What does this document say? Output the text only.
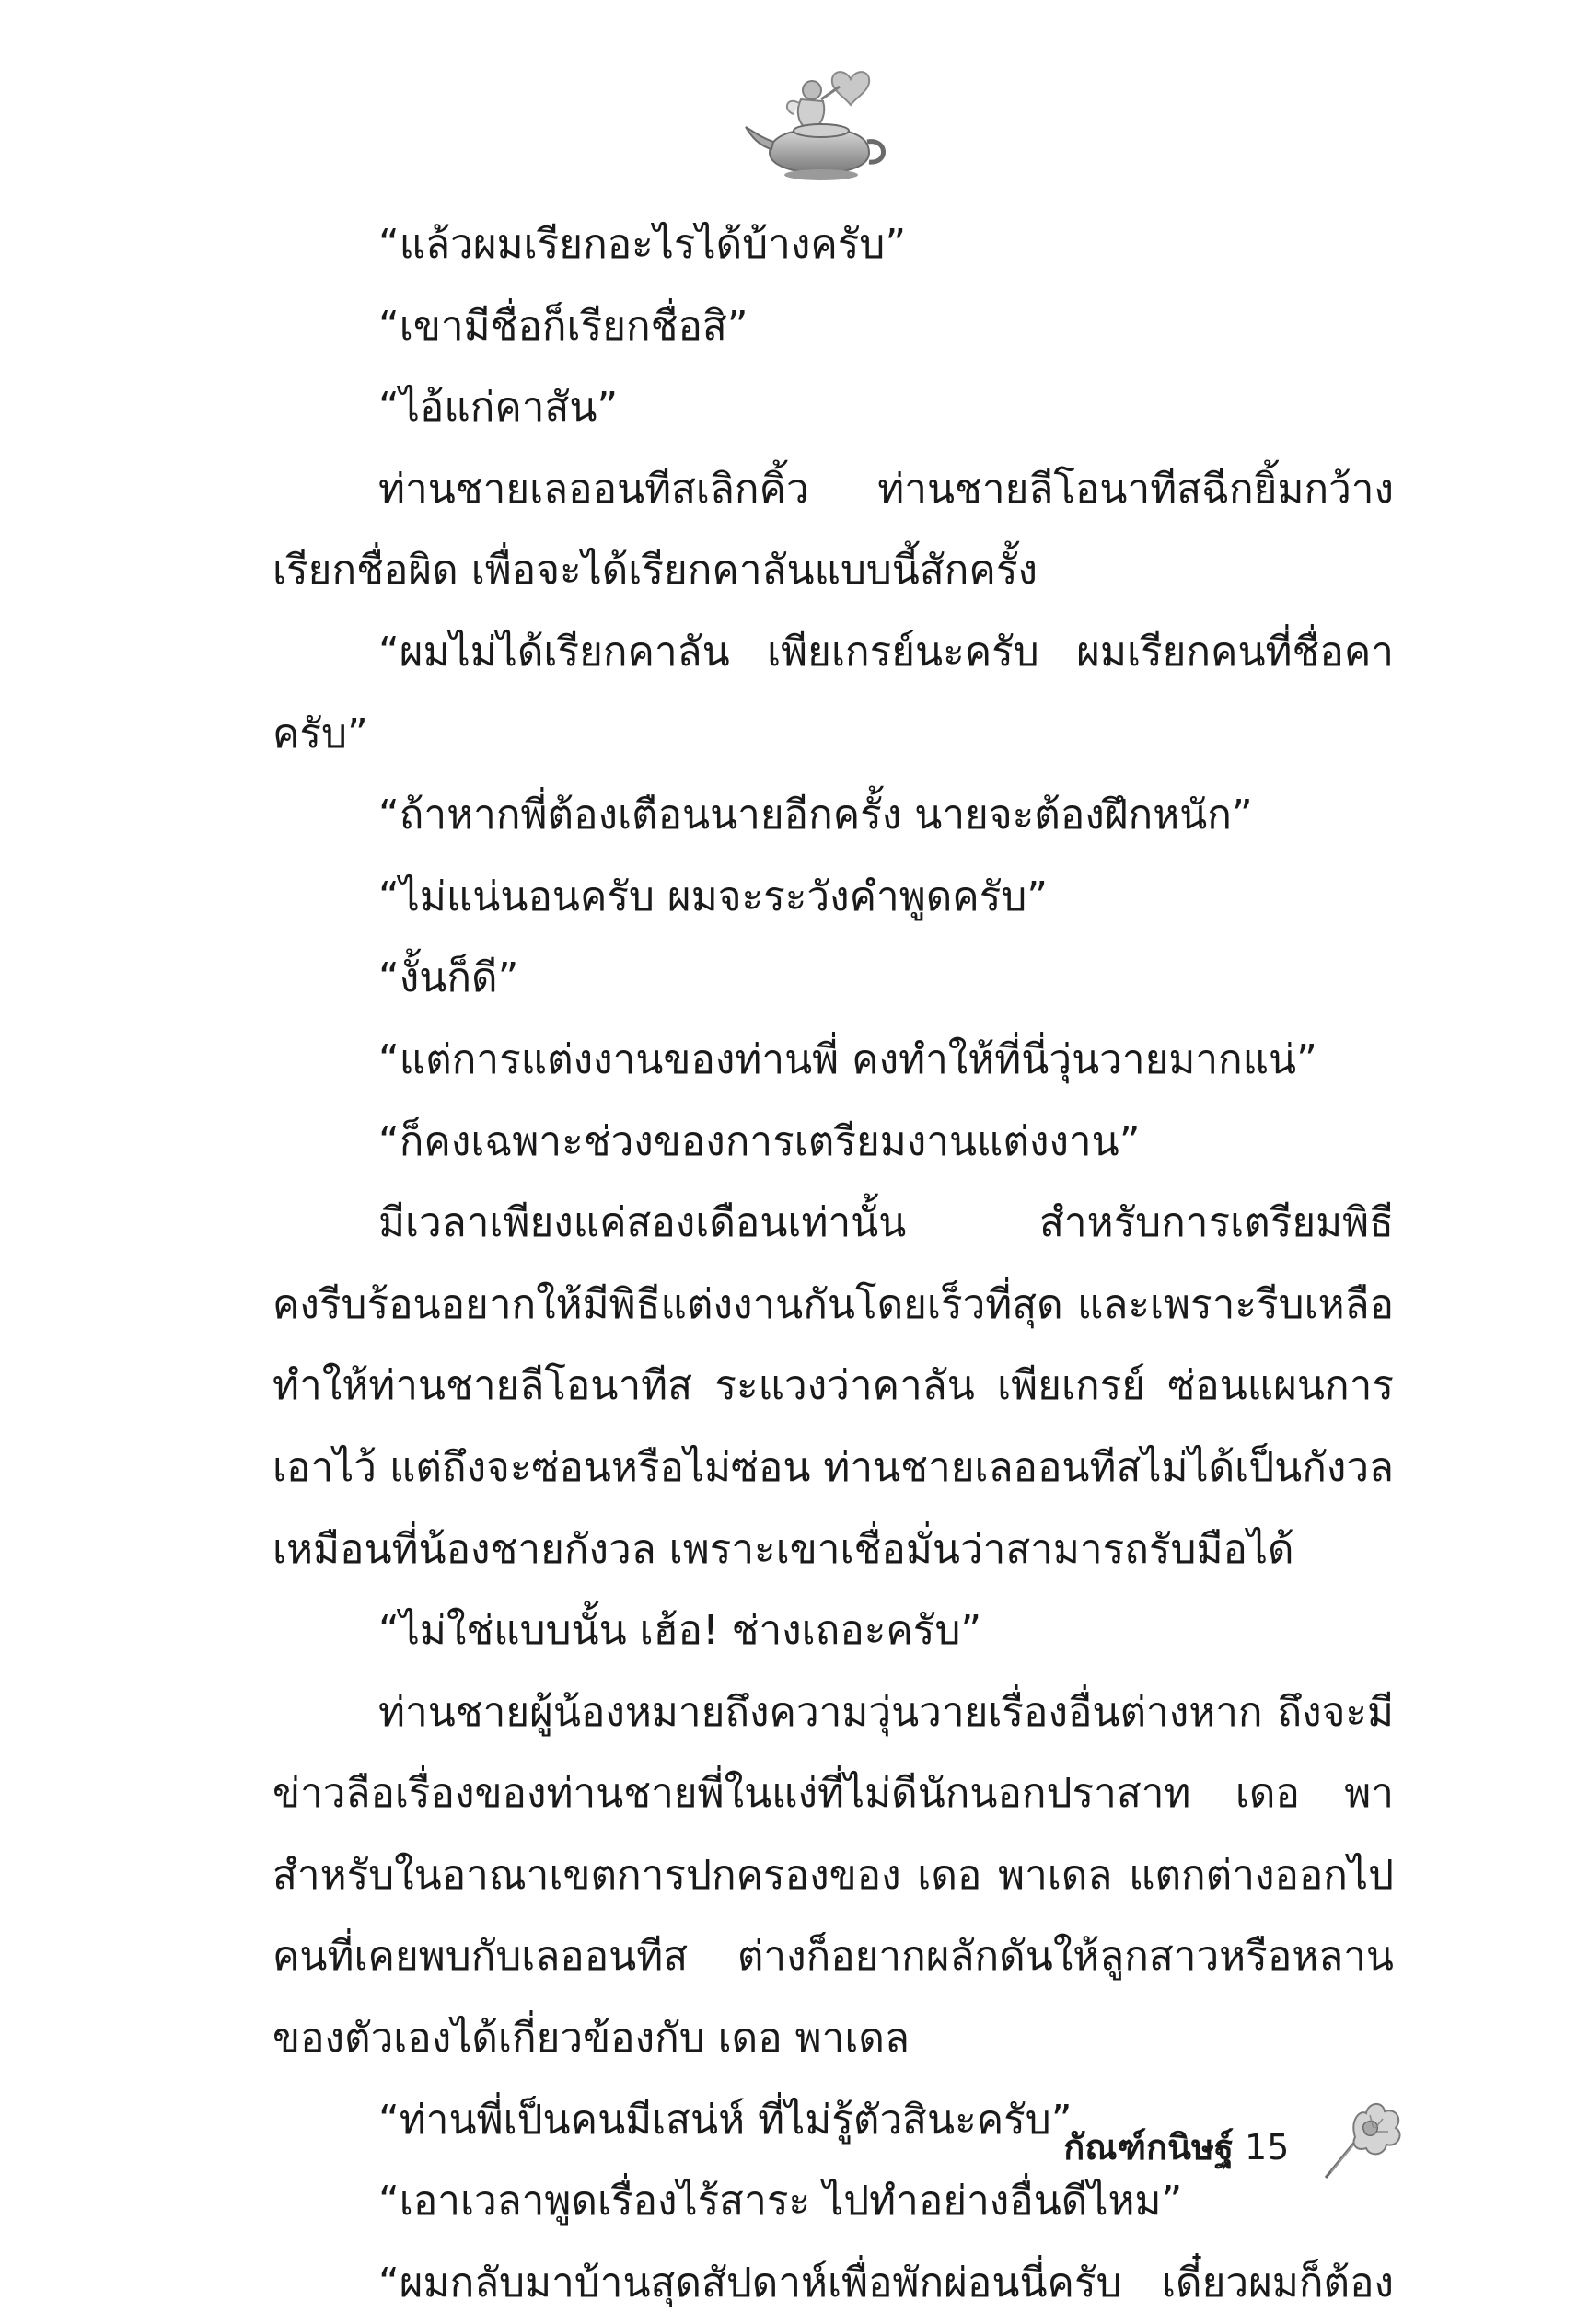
“แล้วผมเรียกอะไรได้บ้างครับ”
“เขามีชื่อก็เรียกชื่อสิ”
“ไอ้แก่คาสัน”
ท่านชายเลออนทีสเลิกคิ้ว ท่านชายลีโอนาทีสฉีกยิ้มกว้าง
เรียกชื่อผิด เพื่อจะได้เรียกคาลันแบบนี้สักครั้ง
“ผมไม่ได้เรียกคาลัน เพียเกรย์นะครับ ผมเรียกคนที่ชื่อคา
ครับ”
“ถ้าหากพี่ต้องเตือนนายอีกครั้ง นายจะต้องฝึกหนัก”
“ไม่แน่นอนครับ ผมจะระวังคำพูดครับ”
“งั้นก็ดี”
“แต่การแต่งงานของท่านพี่ คงทำให้ที่นี่วุ่นวายมากแน่”
“ก็คงเฉพาะช่วงของการเตรียมงานแต่งงาน”
มีเวลาเพียงแค่สองเดือนเท่านั้น สำหรับการเตรียมพิธี
คงรีบร้อนอยากให้มีพิธีแต่งงานกันโดยเร็วที่สุด และเพราะรีบเหลือ
ทำให้ท่านชายลีโอนาทีส ระแวงว่าคาลัน เพียเกรย์ ซ่อนแผนการ
เอาไว้ แต่ถึงจะซ่อนหรือไม่ซ่อน ท่านชายเลออนทีสไม่ได้เป็นกังวล
เหมือนที่น้องชายกังวล เพราะเขาเชื่อมั่นว่าสามารถรับมือได้
“ไม่ใช่แบบนั้น เฮ้อ! ช่างเถอะครับ”
ท่านชายผู้น้องหมายถึงความวุ่นวายเรื่องอื่นต่างหาก ถึงจะมี
ข่าวลือเรื่องของท่านชายพี่ในแง่ที่ไม่ดีนักนอกปราสาท เดอ พา
สำหรับในอาณาเขตการปกครองของ เดอ พาเดล แตกต่างออกไป
คนที่เคยพบกับเลออนทีส ต่างก็อยากผลักดันให้ลูกสาวหรือหลาน
ของตัวเองได้เกี่ยวข้องกับ เดอ พาเดล
“ท่านพี่เป็นคนมีเสน่ห์ ที่ไม่รู้ตัวสินะครับ”
“เอาเวลาพูดเรื่องไร้สาระ ไปทำอย่างอื่นดีไหม”
“ผมกลับมาบ้านสุดสัปดาห์เพื่อพักผ่อนนี่ครับ เดี๋ยวผมก็ต้อง
กัณฑ์กนิษฐ์ 15
